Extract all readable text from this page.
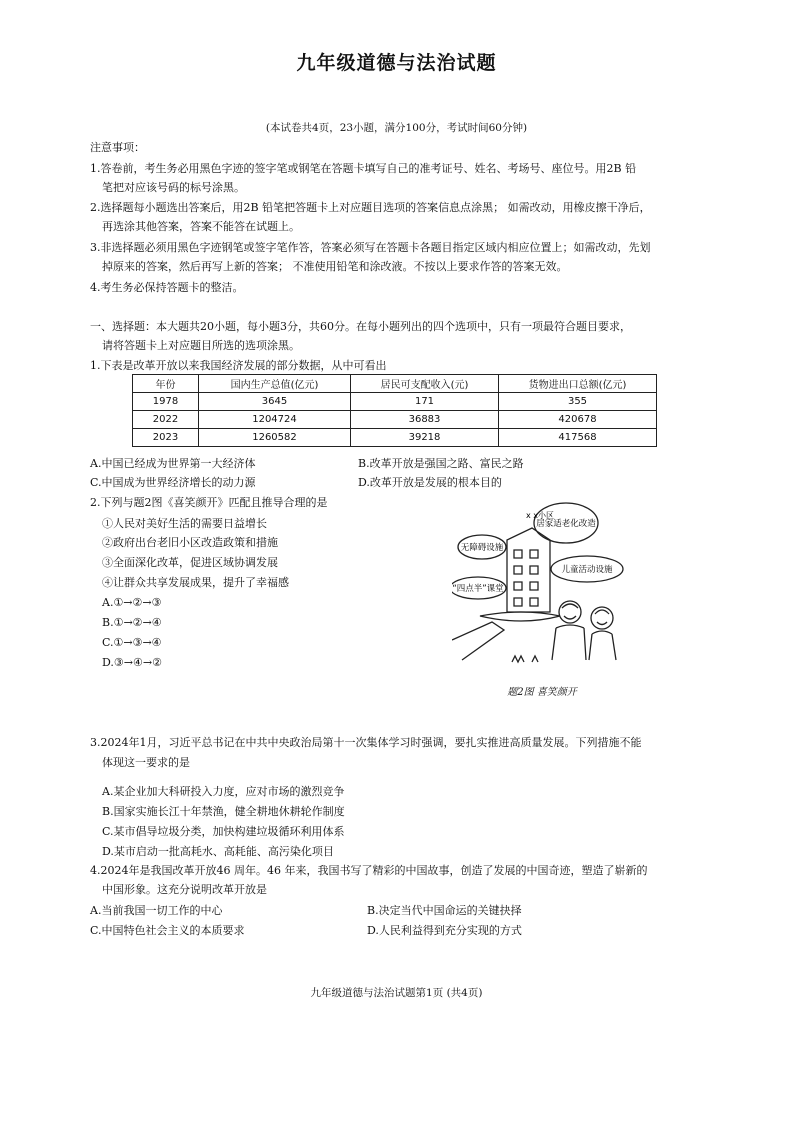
九年级道德与法治试题
(本试卷共4页，23小题，满分100分，考试时间60分钟)
注意事项：
1.答卷前，考生务必用黑色字迹的签字笔或钢笔在答题卡填写自己的准考证号、姓名、考场号、座位号。用2B 铅
笔把对应该号码的标号涂黑。
2.选择题每小题选出答案后，用2B 铅笔把答题卡上对应题目选项的答案信息点涂黑； 如需改动，用橡皮擦干净后，
再选涂其他答案，答案不能答在试题上。
3.非选择题必须用黑色字迹钢笔或签字笔作答，答案必须写在答题卡各题目指定区域内相应位置上；如需改动，先划
掉原来的答案，然后再写上新的答案； 不准使用铅笔和涂改液。不按以上要求作答的答案无效。
4.考生务必保持答题卡的整洁。
一、选择题：本大题共20小题，每小题3分，共60分。在每小题列出的四个选项中，只有一项最符合题目要求，
请将答题卡上对应题目所选的选项涂黑。
1.下表是改革开放以来我国经济发展的部分数据，从中可看出
年份	国内生产总值(亿元)	居民可支配收入(元)	货物进出口总额(亿元)
1978	3645	171	355
2022	1204724	36883	420678
2023	1260582	39218	417568
A.中国已经成为世界第一大经济体	B.改革开放是强国之路、富民之路
C.中国成为世界经济增长的动力源	D.改革开放是发展的根本目的
2.下列与题2图《喜笑颜开》匹配且推导合理的是
①人民对美好生活的需要日益增长
②政府出台老旧小区改造政策和措施
③全面深化改革，促进区域协调发展
④让群众共享发展成果，提升了幸福感
A.①→②→③
B.①→②→④
C.①→③→④
D.③→④→②
x x小区
居家适老化改造
无障碍设施
儿童活动设施
“四点半”课堂
题2图 喜笑颜开
3.2024年1月，习近平总书记在中共中央政治局第十一次集体学习时强调，要扎实推进高质量发展。下列措施不能
体现这一要求的是
A.某企业加大科研投入力度，应对市场的激烈竞争
B.国家实施长江十年禁渔，健全耕地休耕轮作制度
C.某市倡导垃圾分类，加快构建垃圾循环利用体系
D.某市启动一批高耗水、高耗能、高污染化项目
4.2024年是我国改革开放46 周年。46 年来，我国书写了精彩的中国故事，创造了发展的中国奇迹，塑造了崭新的
中国形象。这充分说明改革开放是
A.当前我国一切工作的中心	B.决定当代中国命运的关键抉择
C.中国特色社会主义的本质要求	D.人民利益得到充分实现的方式
九年级道德与法治试题第1页 (共4页)
